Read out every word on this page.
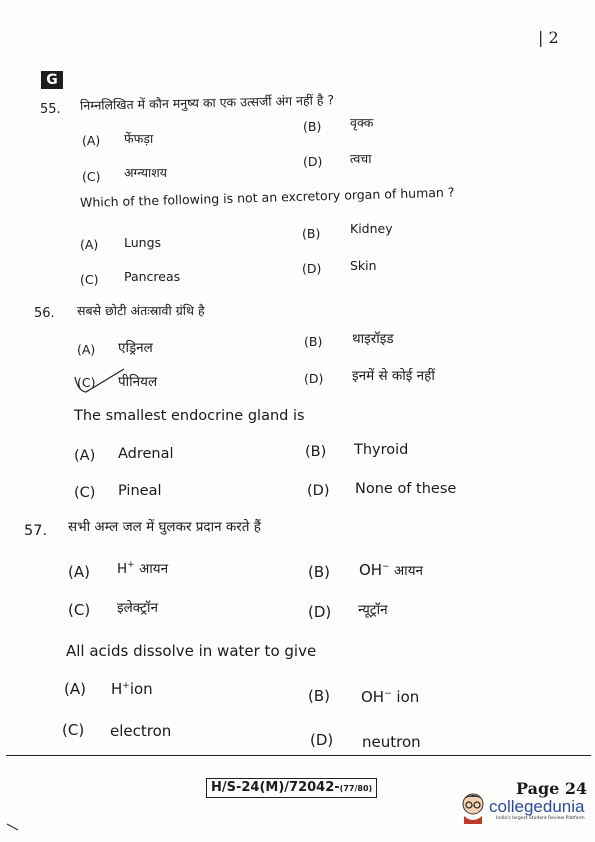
| 2
G
55. निम्नलिखित में कौन मनुष्य का एक उत्सर्जी अंग नहीं है ?
(A) फेंफड़ा
(B) वृक्क
(C) अग्न्याशय
(D) त्वचा
Which of the following is not an excretory organ of human ?
(A) Lungs
(B) Kidney
(C) Pancreas
(D) Skin
56. सबसे छोटी अंतःस्रावी ग्रंथि है
(A) एड्रिनल	(B) थाइरॉइड
(C) पीनियल	(D) इनमें से कोई नहीं
The smallest endocrine gland is
(A) Adrenal	(B) Thyroid
(C) Pineal	(D) None of these
57. सभी अम्ल जल में घुलकर प्रदान करते हैं
(A) H+ आयन	(B) OH− आयन
(C) इलेक्ट्रॉन	(D) न्यूट्रॉन
All acids dissolve in water to give
(A) H+ion	(B) OH− ion
(C) electron	(D) neutron
H/S-24(M)/72042-(77/80)	Page 24
collegedunia
India's largest Student Review Platform
